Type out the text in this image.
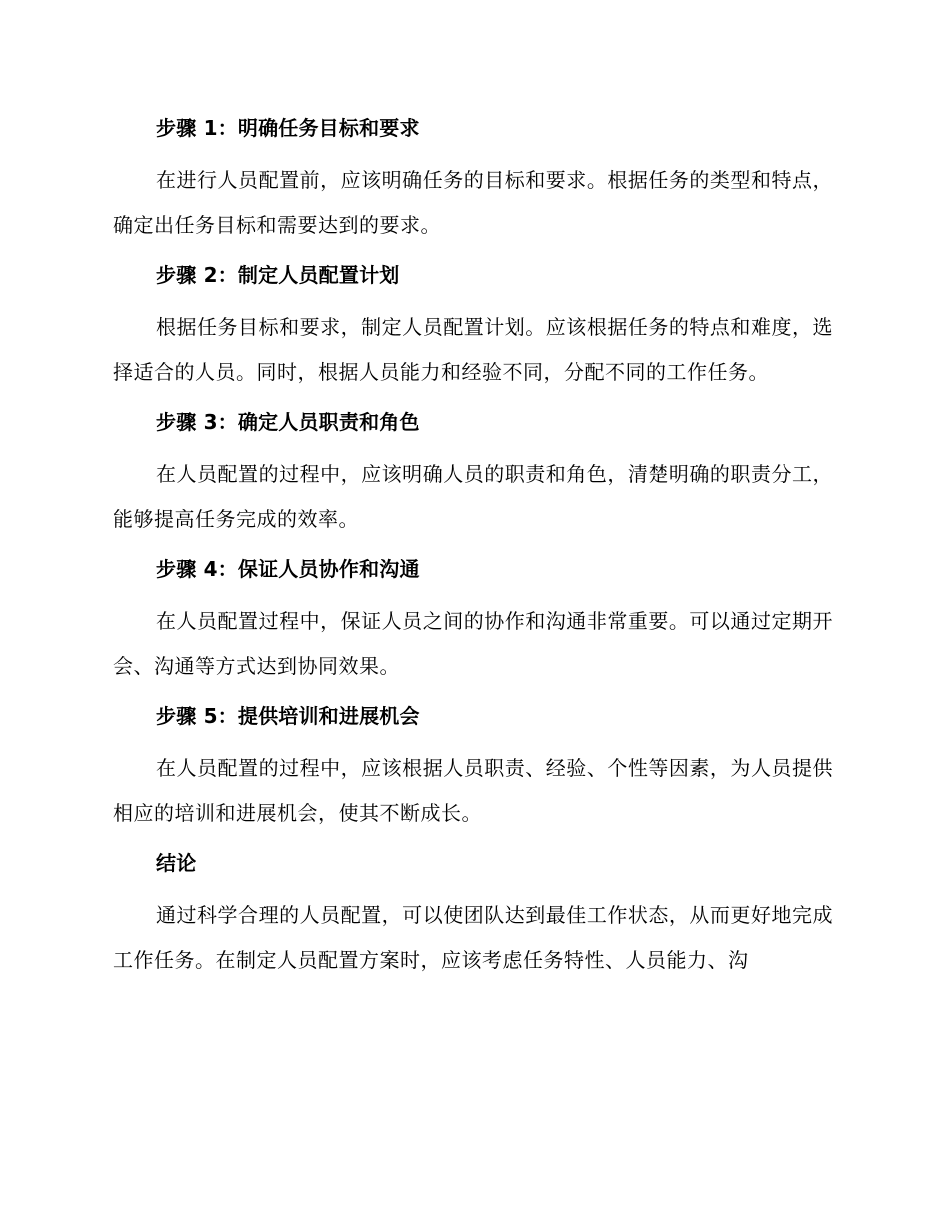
步骤 1：明确任务目标和要求

在进行人员配置前，应该明确任务的目标和要求。根据任务的类型和特点，确定出任务目标和需要达到的要求。

步骤 2：制定人员配置计划

根据任务目标和要求，制定人员配置计划。应该根据任务的特点和难度，选择适合的人员。同时，根据人员能力和经验不同，分配不同的工作任务。

步骤 3：确定人员职责和角色

在人员配置的过程中，应该明确人员的职责和角色，清楚明确的职责分工，能够提高任务完成的效率。

步骤 4：保证人员协作和沟通

在人员配置过程中，保证人员之间的协作和沟通非常重要。可以通过定期开会、沟通等方式达到协同效果。

步骤 5：提供培训和进展机会

在人员配置的过程中，应该根据人员职责、经验、个性等因素，为人员提供相应的培训和进展机会，使其不断成长。

结论

通过科学合理的人员配置，可以使团队达到最佳工作状态，从而更好地完成工作任务。在制定人员配置方案时，应该考虑任务特性、人员能力、沟
